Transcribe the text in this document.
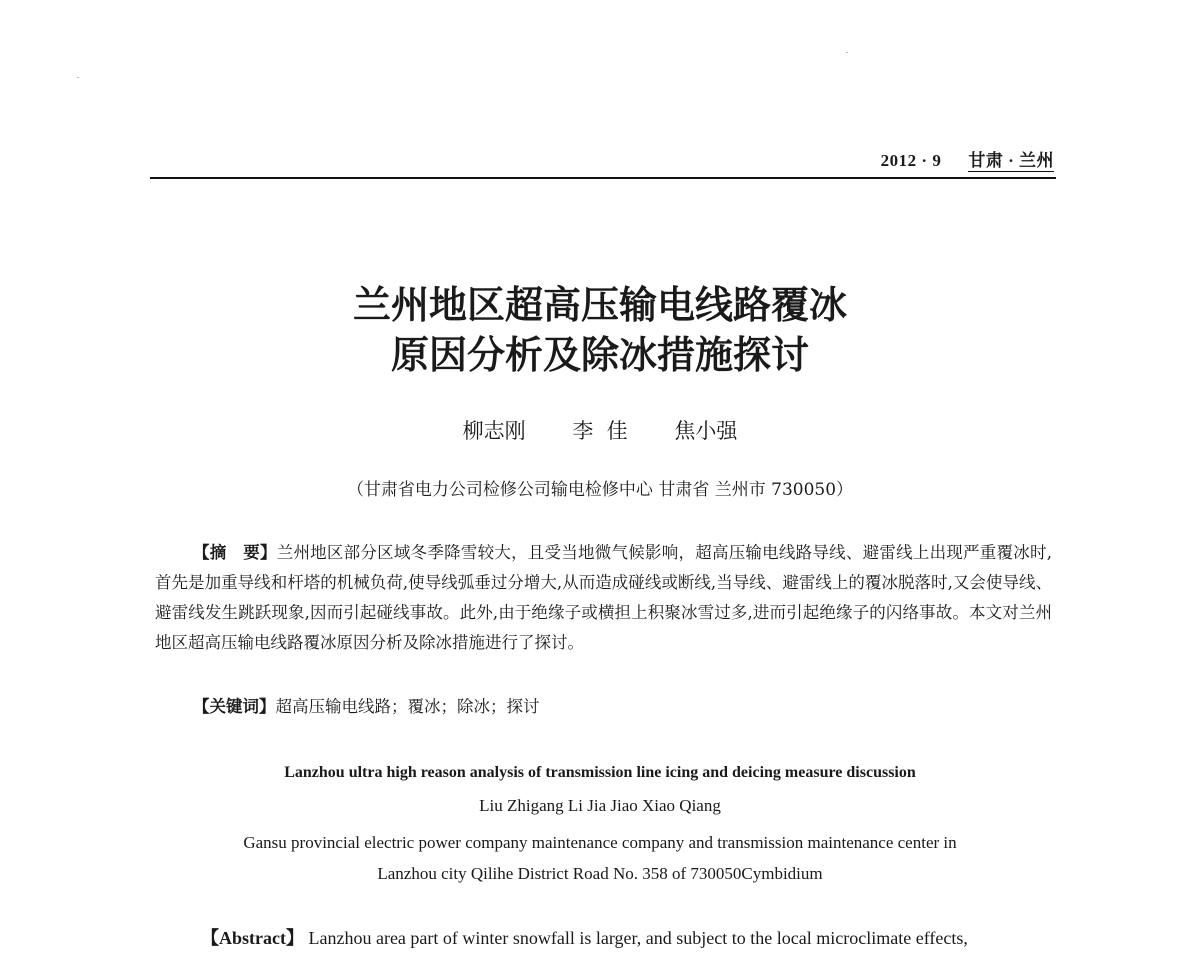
2012 · 9   甘肃 · 兰州
兰州地区超高压输电线路覆冰
原因分析及除冰措施探讨
柳志刚 李  佳 焦小强
（甘肃省电力公司检修公司输电检修中心 甘肃省 兰州市 730050）
【摘　要】兰州地区部分区域冬季降雪较大，且受当地微气候影响，超高压输电线路导线、避雷线上出现严重覆冰时,首先是加重导线和杆塔的机械负荷,使导线弧垂过分增大,从而造成碰线或断线,当导线、避雷线上的覆冰脱落时,又会使导线、避雷线发生跳跃现象,因而引起碰线事故。此外,由于绝缘子或横担上积聚冰雪过多,进而引起绝缘子的闪络事故。本文对兰州地区超高压输电线路覆冰原因分析及除冰措施进行了探讨。
【关键词】超高压输电线路；覆冰；除冰；探讨
Lanzhou ultra high reason analysis of transmission line icing and deicing measure discussion
Liu Zhigang Li Jia Jiao Xiao Qiang
Gansu provincial electric power company maintenance company and transmission maintenance center in
Lanzhou city Qilihe District Road No. 358 of 730050Cymbidium
【Abstract】 Lanzhou area part of winter snowfall is larger, and subject to the local microclimate effects,
